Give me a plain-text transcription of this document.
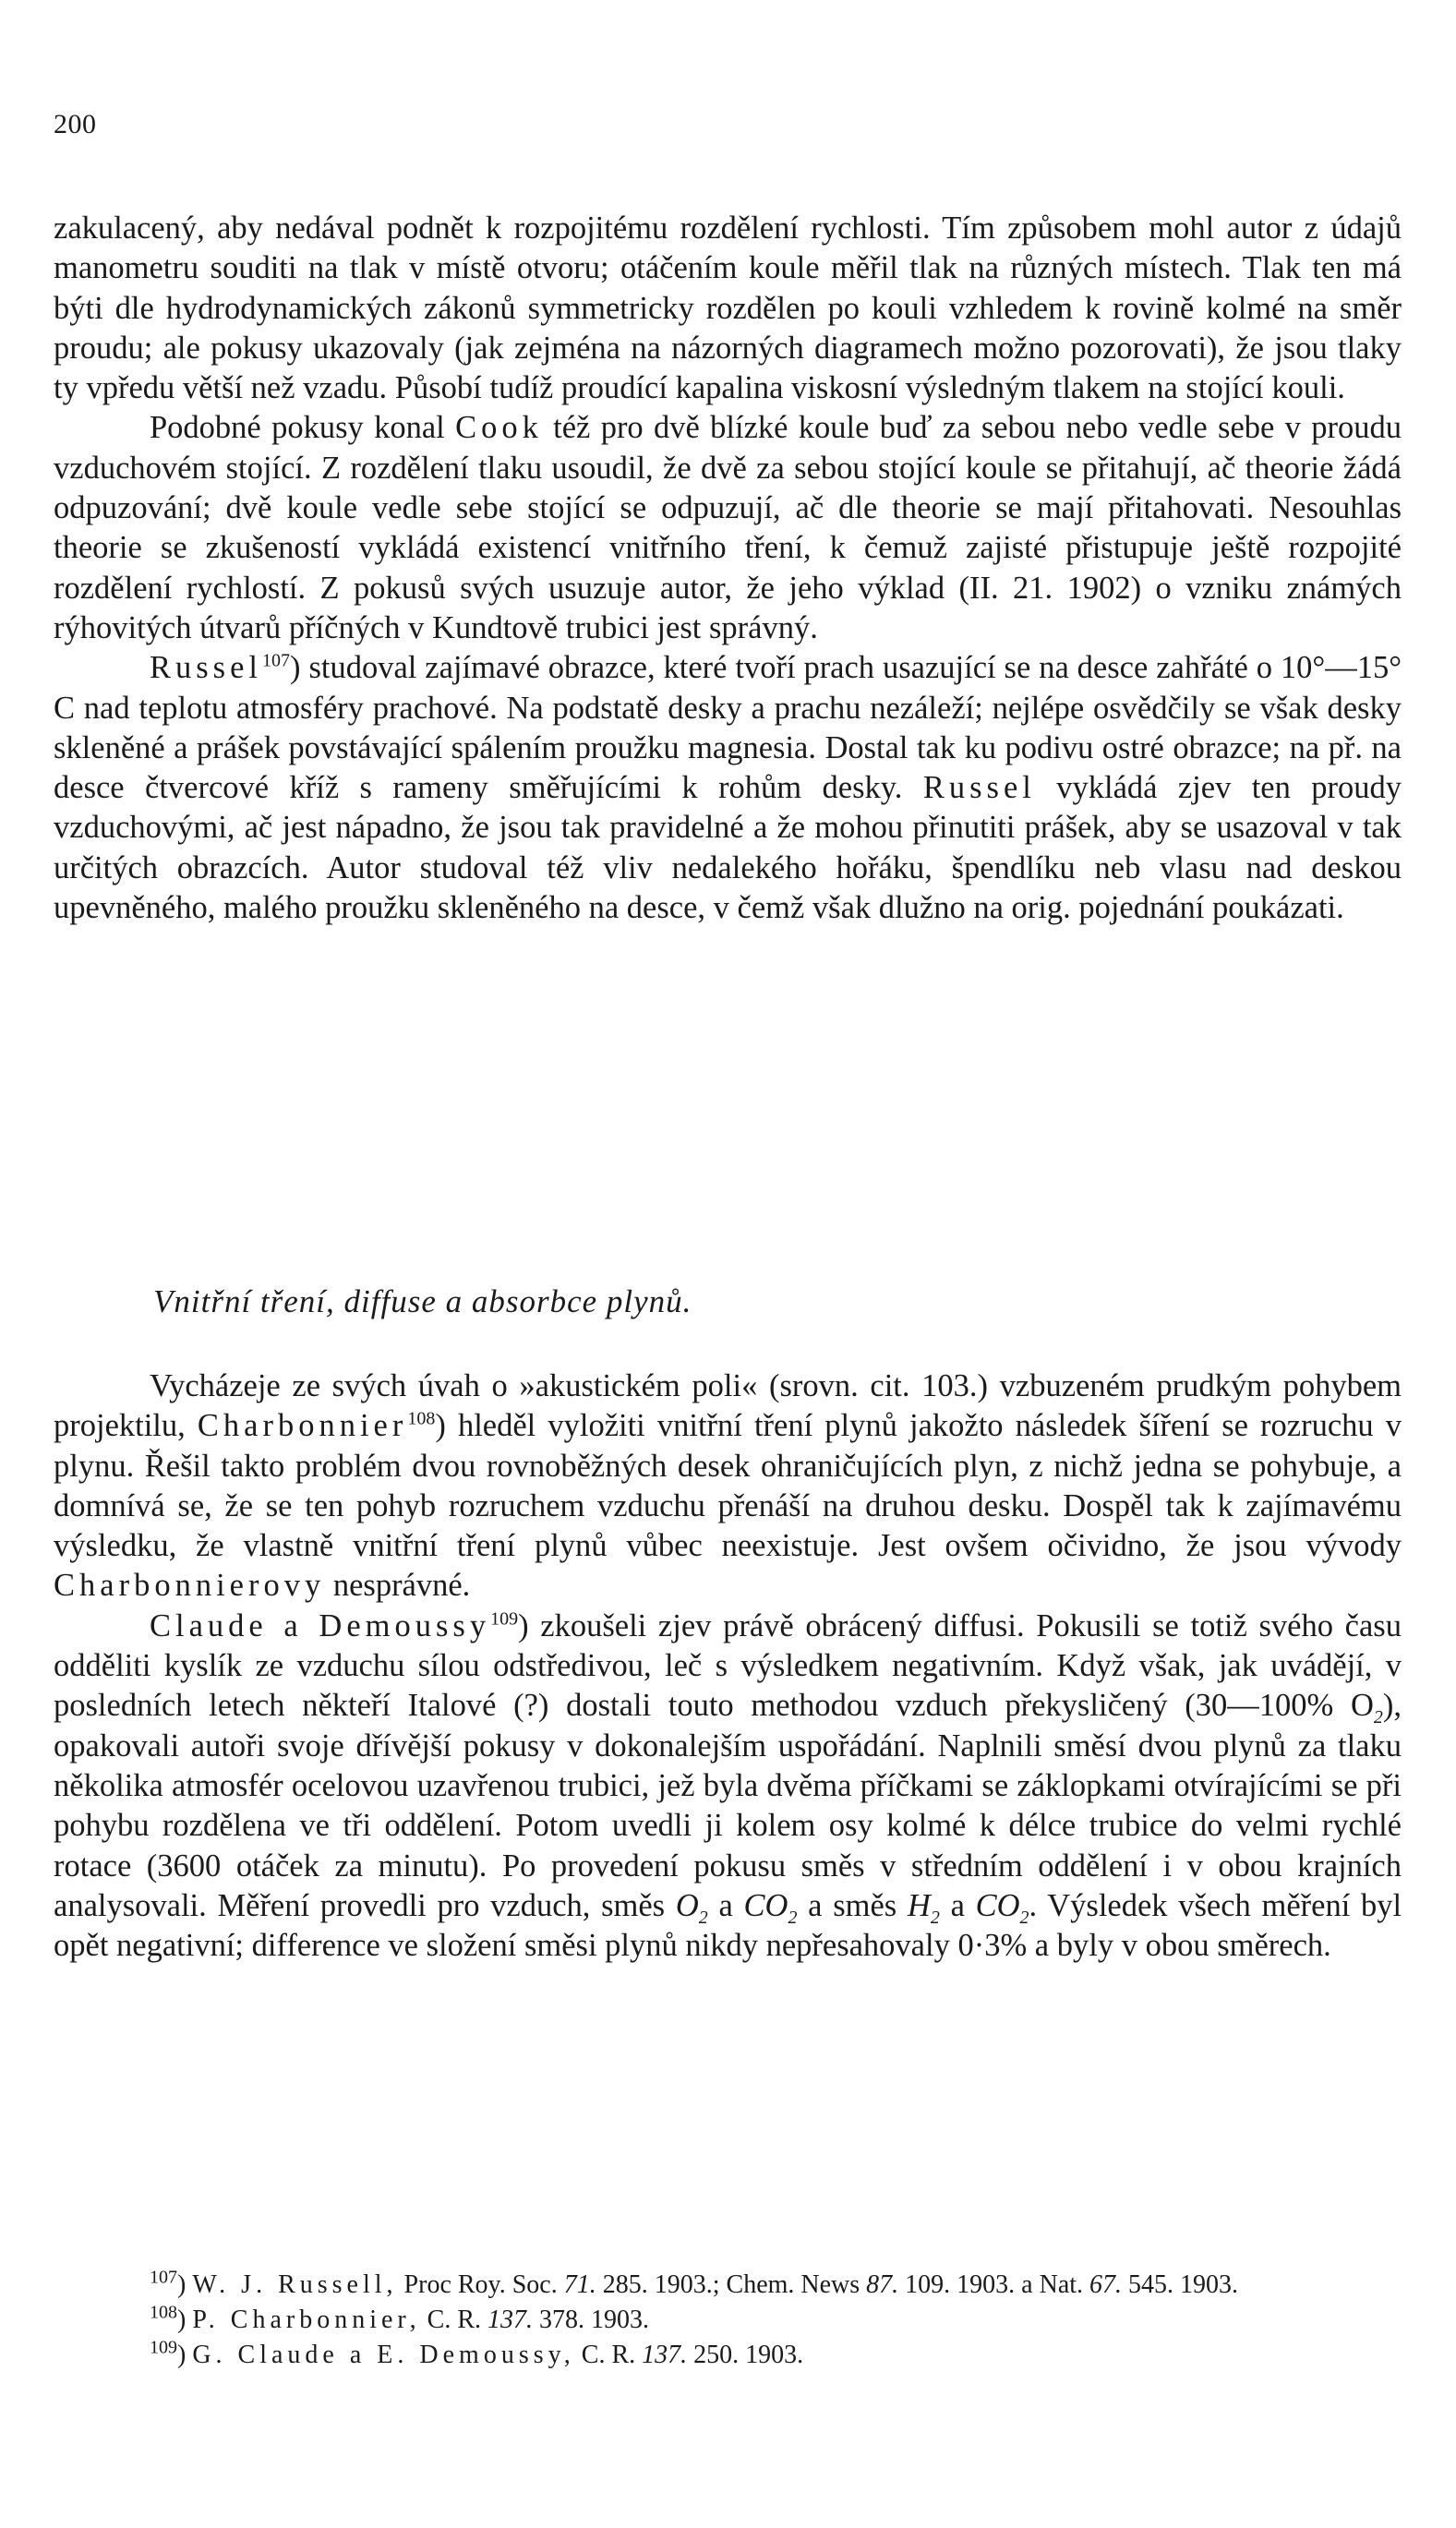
200

zakulacený, aby nedával podnět k rozpojitému rozdělení rychlosti. Tím způsobem mohl autor z údajů manometru souditi na tlak v místě otvoru; otáčením koule měřil tlak na různých místech. Tlak ten má býti dle hydrodynamických zákonů symmetricky rozdělen po kouli vzhledem k rovině kolmé na směr proudu; ale pokusy ukazovaly (jak zejména na názorných diagramech možno pozorovati), že jsou tlaky ty vpředu větší než vzadu. Působí tudíž proudící kapalina viskosní výsledným tlakem na stojící kouli.

Podobné pokusy konal Cook též pro dvě blízké koule buď za sebou nebo vedle sebe v proudu vzduchovém stojící. Z rozdělení tlaku usoudil, že dvě za sebou stojící koule se přitahují, ač theorie žádá odpuzování; dvě koule vedle sebe stojící se odpuzují, ač dle theorie se mají přitahovati. Nesouhlas theorie se zkušeností vykládá existencí vnitřního tření, k čemuž zajisté přistupuje ještě rozpojité rozdělení rychlostí. Z pokusů svých usuzuje autor, že jeho výklad (II. 21. 1902) o vzniku známých rýhovitých útvarů příčných v Kundtově trubici jest správný.

Russel$^{107}$) studoval zajímavé obrazce, které tvoří prach usazující se na desce zahřáté o 10°—15° C nad teplotu atmosféry prachové. Na podstatě desky a prachu nezáleží; nejlépe osvědčily se však desky skleněné a prášek povstávající spálením proužku magnesia. Dostal tak ku podivu ostré obrazce; na př. na desce čtvercové kříž s rameny směřujícími k rohům desky. Russel vykládá zjev ten proudy vzduchovými, ač jest nápadno, že jsou tak pravidelné a že mohou přinutiti prášek, aby se usazoval v tak určitých obrazcích. Autor studoval též vliv nedalekého hořáku, špendlíku neb vlasu nad deskou upevněného, malého proužku skleněného na desce, v čemž však dlužno na orig. pojednání poukázati.

Vnitřní tření, diffuse a absorbce plynů.

Vycházeje ze svých úvah o »akustickém poli« (srovn. cit. 103.) vzbuzeném prudkým pohybem projektilu, Charbonnier$^{108}$) hleděl vyložiti vnitřní tření plynů jakožto následek šíření se rozruchu v plynu. Řešil takto problém dvou rovnoběžných desek ohraničujících plyn, z nichž jedna se pohybuje, a domnívá se, že se ten pohyb rozruchem vzduchu přenáší na druhou desku. Dospěl tak k zajímavému výsledku, že vlastně vnitřní tření plynů vůbec neexistuje. Jest ovšem očividno, že jsou vývody Charbonnierovy nesprávné.

Claude a Demoussy$^{109}$) zkoušeli zjev právě obrácený diffusi. Pokusili se totiž svého času odděliti kyslík ze vzduchu sílou odstředivou, leč s výsledkem negativním. Když však, jak uvádějí, v posledních letech někteří Italové (?) dostali touto methodou vzduch překysličený (30—100% $O_2$), opakovali autoři svoje dřívější pokusy v dokonalejším uspořádání. Naplnili směsí dvou plynů za tlaku několika atmosfér ocelovou uzavřenou trubici, jež byla dvěma příčkami se záklopkami otvírajícími se při pohybu rozdělena ve tři oddělení. Potom uvedli ji kolem osy kolmé k délce trubice do velmi rychlé rotace (3600 otáček za minutu). Po provedení pokusu směs v středním oddělení i v obou krajních analysovali. Měření provedli pro vzduch, směs $O_2$ a $CO_2$ a směs $H_2$ a $CO_2$. Výsledek všech měření byl opět negativní; difference ve složení směsi plynů nikdy nepřesahovaly 0·3% a byly v obou směrech.

$^{107}$) W. J. Russell, Proc Roy. Soc. 71. 285. 1903.; Chem. News 87. 109. 1903. a Nat. 67. 545. 1903.

$^{108}$) P. Charbonnier, C. R. 137. 378. 1903.

$^{109}$) G. Claude a E. Demoussy, C. R. 137. 250. 1903.
